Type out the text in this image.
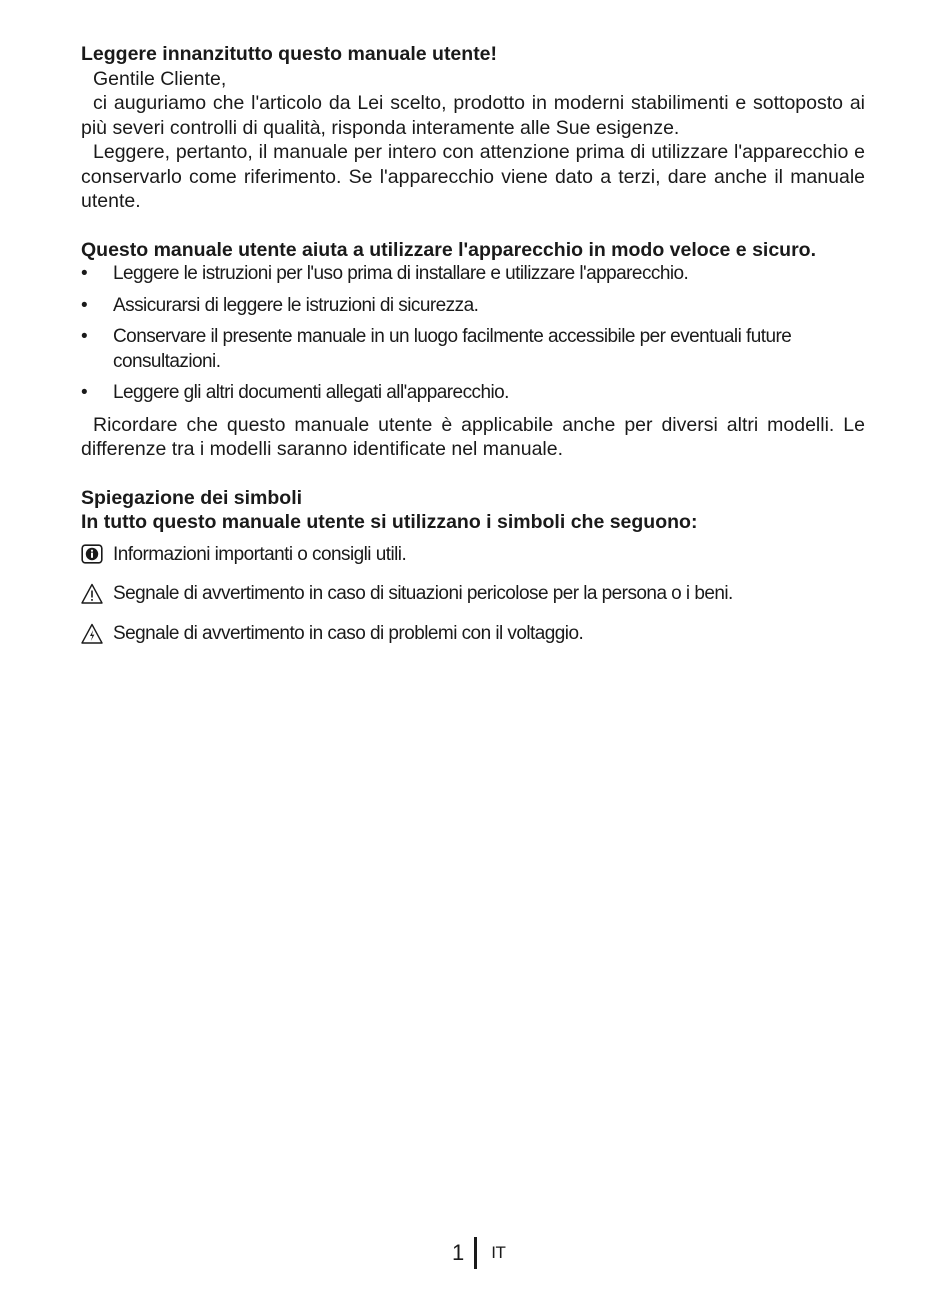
Leggere innanzitutto questo manuale utente!

Gentile Cliente,

ci auguriamo che l'articolo da Lei scelto, prodotto in moderni stabilimenti e sottoposto ai più severi controlli di qualità, risponda interamente alle Sue esigenze.

Leggere, pertanto, il manuale per intero con attenzione prima di utilizzare l'apparecchio e conservarlo come riferimento. Se l'apparecchio viene dato a terzi, dare anche il manuale utente.

Questo manuale utente aiuta a utilizzare l'apparecchio in modo veloce e sicuro.

• Leggere le istruzioni per l'uso prima di installare e utilizzare l'apparecchio.
• Assicurarsi di leggere le istruzioni di sicurezza.
• Conservare il presente manuale in un luogo facilmente accessibile per eventuali future consultazioni.
• Leggere gli altri documenti allegati all'apparecchio.

Ricordare che questo manuale utente è applicabile anche per diversi altri modelli. Le differenze tra i modelli saranno identificate nel manuale.

Spiegazione dei simboli

In tutto questo manuale utente si utilizzano i simboli che seguono:

Informazioni importanti o consigli utili.
Segnale di avvertimento in caso di situazioni pericolose per la persona o i beni.
Segnale di avvertimento in caso di problemi con il voltaggio.
1 IT
